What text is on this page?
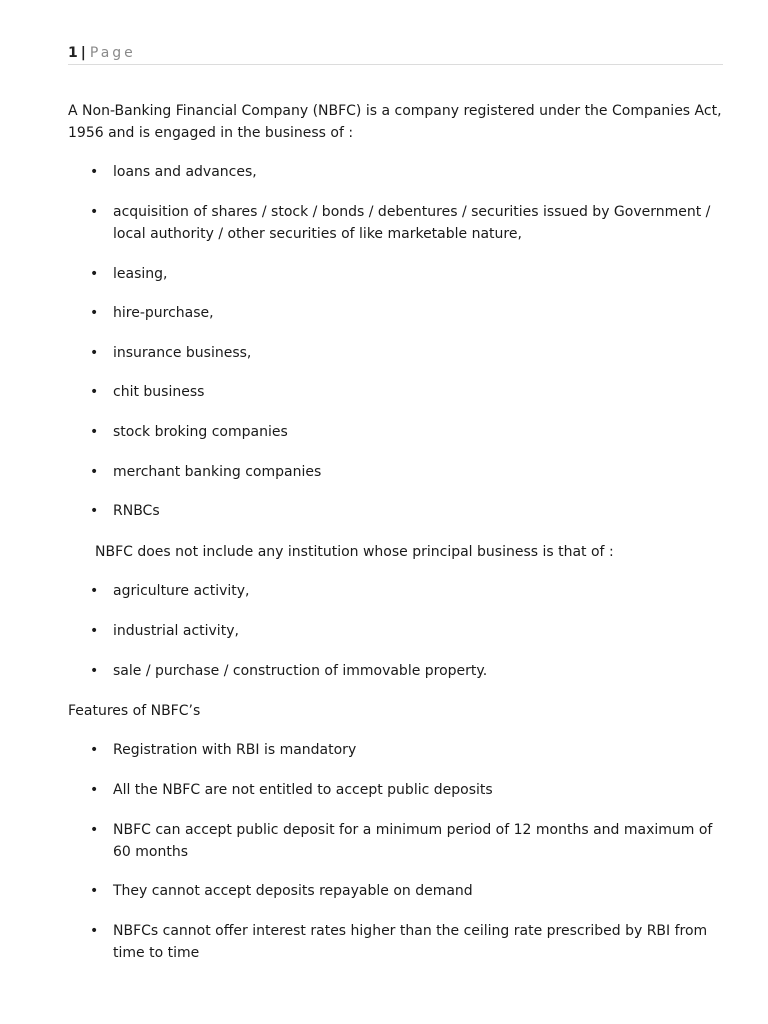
1 | Page

A Non-Banking Financial Company (NBFC) is a company registered under the Companies Act, 1956 and is engaged in the business of :

• loans and advances,
• acquisition of shares / stock / bonds / debentures / securities issued by Government / local authority / other securities of like marketable nature,
• leasing,
• hire-purchase,
• insurance business,
• chit business
• stock broking companies
• merchant banking companies
• RNBCs

NBFC does not include any institution whose principal business is that of :

• agriculture activity,
• industrial activity,
• sale / purchase / construction of immovable property.

Features of NBFC’s

• Registration with RBI is mandatory
• All the NBFC are not entitled to accept public deposits
• NBFC can accept public deposit for a minimum period of 12 months and maximum of 60 months
• They cannot accept deposits repayable on demand
• NBFCs cannot offer interest rates higher than the ceiling rate prescribed by RBI from time to time
